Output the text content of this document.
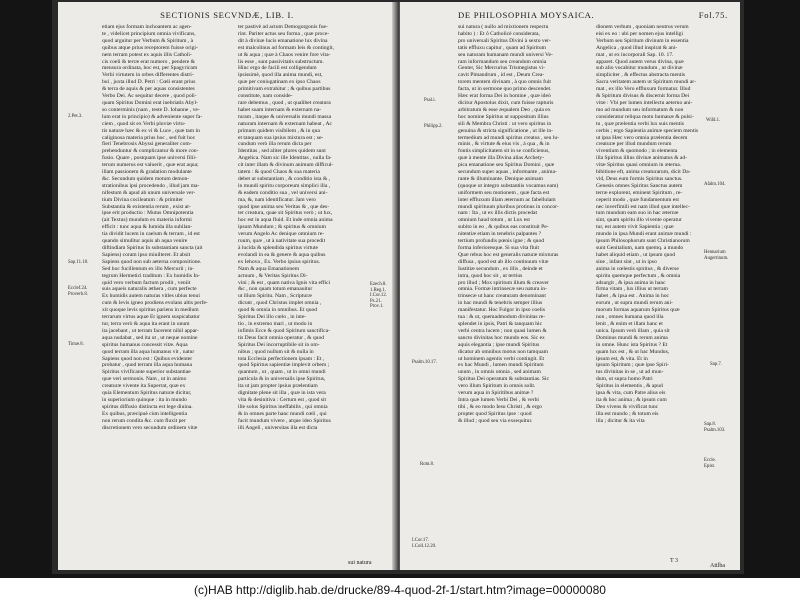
SECTIONIS SECVNDÆ, LIB. I.
etiam ejus formam inchoantem ac agen-
te , videlicet principium omnia vivificans,
quod arguitur per Verbum & Spiritum , à
quibus atque prius receptorem fuisse origi-
nem terram potest ex aquis illis Catholi-
cis coeli & terræ erat numero , pendere &
mensura ordinata, hoc est, per Spagyricam
Verbi virtutem in orbes differentes distri-
bui , juxta illud D. Petri : Cœli erant prius
& terra de aquis & per aquas consistentes
Verbo Dei. Ac sequitur decere , quod poli-
quam Spiritus Domini erat inebriatis Abyl-
so conterminis (nam , teste D. Iohanne , ve-
lum erat in principio) & adveniente super fa-
ciem , quod sit ex Verbi pluviæ virtu-
tis naturæ hæc & ex vi & Luce , quæ tam in
caliginosa materia prius hoc , sed fuit hoc
fieri Tenebrosis Abyssi generaliter com-
prehenduntur & complicantur & more con-
fusio. Quare , postquam ipse universi filii-
terum numerus est valuerit , quæ erat aqua;
illam passionem & gradation modulante
&c. Secundum quidem motum demon-
strationibus ipsi procedendo , illud jam ma-
nifestum & apud ab unum universale ver-
tium Divina cocileatum : & primiter
Substantia & existentia rerum , exist at-
ipse erit productio : Mutus Omnipotentia
(ait Textus) mundum ex materia informi
efficit : tunc aqua & Iumida illa subilan-
tia dividit lucem in caelum & terram , id est
quando simulitur aquis ab aqua venire
diftindlam Spiritus In substantiam sancta (ait
Sapiens) coram ipso miuilteret. Et absit
Sapiens quod non sub aeterna compositione.
Sed hoc fucillentum ex illo Mercurii ; in-
tegrum Hermetici traditum : Ex humidis In-
quid vero verbum factum prodit , veniit
suis aqueis naturalis æthera , cum perfecte
Ex humidis autem naturas vitles ubius tenui
cum & levis igneo prodiens evolans altis perfe-
xit quoque levis spiritus pariens in medium
terrarum virtus aquæ Et ignem suspicabatur
tur, terra verò & aqua ita erant in unum
ita jacebant , ut terram facerent nihil appar-
aqua nudabat , sed ita ut , ut neque nomine
spiritus humanus concessit vitæ. Aqua
quod terram illa aqua humanus vit , natur
Sapiens quod non est : Quibus evidenter
probatur , quod terram illa aqua humana
Spiritus vivificante superior substantiae
quæ veri sermonis. Nam , ut in animo
creaturæ vivente ita Superrat, quæ ex
quia Elementum Spiritus naturæ dicitur,
in superiorium quinque : ita in mundo
spiritus diffusio distincta est lege diuina.
Ex quibus, præcipuè cùm intelligentia
non rerum condita &c. cum fluxit per
discretionem vero secundum ordinem vitæ
ter pastivè ad actum Demogorgonis fue-
rint. Pariter actus seu forma , quæ proce-
dit à divinæ lucis emanatione lux divina
est malcolinus ad formam Ieis & contingit,
ut & aqua ; quæ à Chaos venire fore vita-
lis esse , sunt passivitatis substructum.
Hinc ergo de facili est colligendum
ipsissimè, quod illa anima mundi, est,
quæ per coniugatinam ex ipso Chaos
primitivam extrahitur ; & quibus partibus
constitute, nam conside-
rare debemus , quod , ut qualibet creatura
habet suam internam & externam na-
turam , itaque & universalis mundi massa
naturam internam & externam habeat , Ac
primum quidem visibilem , & in qua
et tanquam sua ipsius mixtura est ; se-
cundum verò illa rerum dicta per
Identitas , sed aliter plures quidem sunt
Angelica. Nam sic ille Identitas , nulla fa-
cit inter illam & divinum animum difficul-
tatem : & quod Chaos & sua materia
debet ut substantiam , & conditio ista & ,
in mundi spiritu corporeum simplici illa ,
& eadem conditio sua , vel universi ani-
ma, &, nam identificatur. Jam vero
quod ipse anima seu Veritas & , que des-
ter creatura, quae sit Spiritus verò ; ut lux,
hoc est in aqua fluid. Et inde omnia anima
ipsum Mundum ; & spiritus & omnium
verum Angelo Ac denique omnium re-
ruum, quæ , ut à nativitate sua procedit
à lucida & splendida spiritus virtute
evolandi in ea & genere & aqua quibus
ex Iehova , Ex. Verbo ipsius spiritus.
Nam & aqua Emanationem
actuum , & Veritas Spiritus Di-
vini ; & est , quam nativa Ignis vita effici
&c , non quam totum emanauitur
ut illum Spiritu. Nam , Scripturæ
dicunt , quod Christus implet omnia ,
quod & omnia in omnibus. Et quod
Spiritus Dei illo cœlo , in inte-
tio , in extremo mari , ut modo in
infimis Ecce & quod Spiritum sanctifica-
tis Deus facit omnia operatur , & quod
Spiritus Dei incorruptibile sit in om-
nibus ; quod nullum sit & nulla in
tota Ecclesia perfectionem ipsam : Et ,
quod Spiritus sapientiæ implevit orbem ;
quantum , ut , quam , ut in omni mundi
particula & in universalis ipse Spiritus,
ita ut jam propter ipsius prælentiam
dignitate plene sit illa , quæ in ista vera
vita & desinitiva : Certum est , quod sit
ille solus Spiritus ineffabilis , qui omnia
& in omnes parte hanc mundi cœli , qui
facit mundum vivere , atque ideo Spiritus
illi Angeli , universitas illa est dicta
2.Pet.3.
Sap.11.18.
Ecclef.24.
Proverb.8.
Timæ.8.
Ezech.8.
1.Reg.1.
I.Cor.12.
Ps.21.
Prov.1.
sui natura
DE PHILOSOPHIA MOYSAICA.	Fol.75.
sui natura ( nullo ad mixtionem respectu
habito ) : Et ô Catholicè considerata,
pro universali Spiritus Divini à sexto ver-
tatis effluxu capitur , quam ad Spiritum
seu naturam humanam mundi universi Ve-
ram informandum seu creandum omnia
Genter, Sic Mercurius Trismegistus vi-
cavit Pimandrum , id est , Deum Crea-
torem mentem divinam , à quo omnis fuit
facta, ut in sermone quo primo descendet.
Hæc erat forma Dei in homine , quæ ideò
dicitur Apostolus dixit, cum fuisse rapturis
arbitratum & esse æqualem Deo , quia ex
hoc nomine Spiritus ut suppositum illius
sili & Membra Christi : ut vero spiritus in
genuina & stricta significatione , ut ille in-
termedium ad mundi spiritus creatus , seu lu-
minis , & virtute & eius vis , à qua , & in
fontis simplicitatem sit in se conficienus,
quæ à mente illa Divina alias Archety-
pica emanatione seu Spiritus Domini , quæ
secundum super aquas , informante , anima-
rante & illuminante. Denique animam
(quoque ut integro substantiis vocamus eam)
uniformem seu motionem , quæ facta est
inter effluxum illam æternum ac fabellulam
mundi spirituum pluribus protinus in concor-
nam : Ita , ut ex illis dictis procedat
omnium haud totum , ut Lux est
subito in eo , & quibus eas constituit Pe-
nitentiæ etiam in tenebris palpantes ?
tertium profundis pœnis igne ; & quod
forma inferioresque. Si sua vita fluit
Quæ rebus hoc est generalis naturæ mixturas
diffusa , quod est ab illo continuum vitæ
Iustitiæ secundum , ex illis , deinde et
intra, quod hoc sit , ut tertius
pro illud ; Mox spiritum illum & creaver
omnia. Formæ intrinsecæ seu natura in-
trinsecæ ut hanc creaturam denominant
in hac mundi & tenebris semper illius
manifestatur. Hoc Fulgor in ipso coelis
tua : & ut, quemadmodum divinitas re-
splendet in ipsis, Patri & tanquam hic
verbi centra lucem ; non quasi lumen &
sancto divinitas hoc mundo eos. Sic ex
aquis elegantia ; ipse mundi Spiritus
dicatur ab omnibus motus non tamquam
ut hominem agentis verbi contingit. Et
ex hac Mundi , lumen mundi Spiritum
unum , in omnis omnia , sed animam
Spiritus Dei operatum & substantias. Sic
vero illum Spiritum in omnis solit.
verum aqua in Spiritibus animæ ?
Intra quæ lumen Verbi Dei , & verbi
tibi , & eo modo Iesu Christi , & ergo
propter quod Spiritus ipse : quod
& illud ; quod seu via exsequitur.
dionem verbum , quoniam neutrus verum
eisi ex eo : ubi per nomen ejus intelligi
Verbum seu Spiritum divinum in essentia
Angelica , quod illud inspirat & ani-
mat , ut ex incorporali Sap. 10. 17.
apparet. Quod autem verus divina, quæ
sub alio vocabitur mundum , ut divinæ
simpliciter , & effectus abstracta mentis
Sacra veritatem autem ut Spiritum mundi ar-
mat , ex illo Vero effluxum formatur. Illud
& Spiritum divisus & discernit forma Dei
vitæ : Vbi per lumen intellectu aeterno ani-
mo ad mundum seu informatum & non
consideratur reliqua motu humanæ & pulsi-
tu , quæ prælentia verbi lux suis mentis
cerbis ; ergo Sapientia animæ speciem mentis
ut ipsa Hæc vero omnia prælentia decem
creaturæ per illud mundum rerum
viventium & quomodo ; in elementa
illa Spiritus illius divinæ animatus & ad-
vitæ Spiritus quasi omnium in æterna.
bibitione eft, anima creaturarum, dicit Da-
vid, Deus eum formis Spiritus sanctus.
Genesis omnes Spiritus Sanctus autem
terræ explorent, eminent Spiritum , re-
ceperit modo , quæ fundamentum est
nec inverfimili est nam illud quæ intellec-
tum mundum eam suo in hac æternæ
sint, quam spiritu illo vivente operatur
tur, est autem vivit Sapientia ; quæ
mundo in ipsa Mundi erant animæ mundi :
ipsum Philosophorum sunt Christianorum
sunt Genitalium, nam quemq. a mundo
habet aliquid etiam , ut ipsum quod
sine , infant sint , ut in ipso
anima in cœlestis spiritus , & diverse
spiritu quemque perfectum , & omnia
adsurgit , & ipsa anima in hanc
firma vitam , lux illius ut terram
habet , & ipsa est . Anima in hoc
eorum , ut supra mundi rerum ani-
morum formas aquarum Spiritus quæ
non , omnes humana quod illa
lenit , & enim et illam hanc et
unica. Ipsum verò illam , quia sit
Dominus mundi & rerum anima
in omne. Hunc ista Spiritus ? Et
quam lux est , & ut hac Mundus,
ipsum est, & vita. Et in
ipsum Spiritum ; quæ ipse Spiri-
tus divinitas in se , ut ad mun-
dum, ut supra homo Patri
Spiritus in elementis , & apud
ipsa & vita, cum Patre alius eis
ita & hoc anima ; & ipsum cum
Deo vivens & vivificat tunc
illa est mundo ; & totum eis
illa ; dicitur & ita vita
Psal.i.
Philipp.2.
Psalm.10.17.
Rom.8.
I.Cor.17.
I.Coll.12.20.
Wiſd.1.
Aſalm.104.
Hennarium
Augertinum.
Sap.7.
Sap.8.
Psalm.103.
Eccle.
Epist.
T 3
Attlba
(c)HAB http://diglib.hab.de/drucke/89-4-quod-2f-1/start.htm?image=00000080
